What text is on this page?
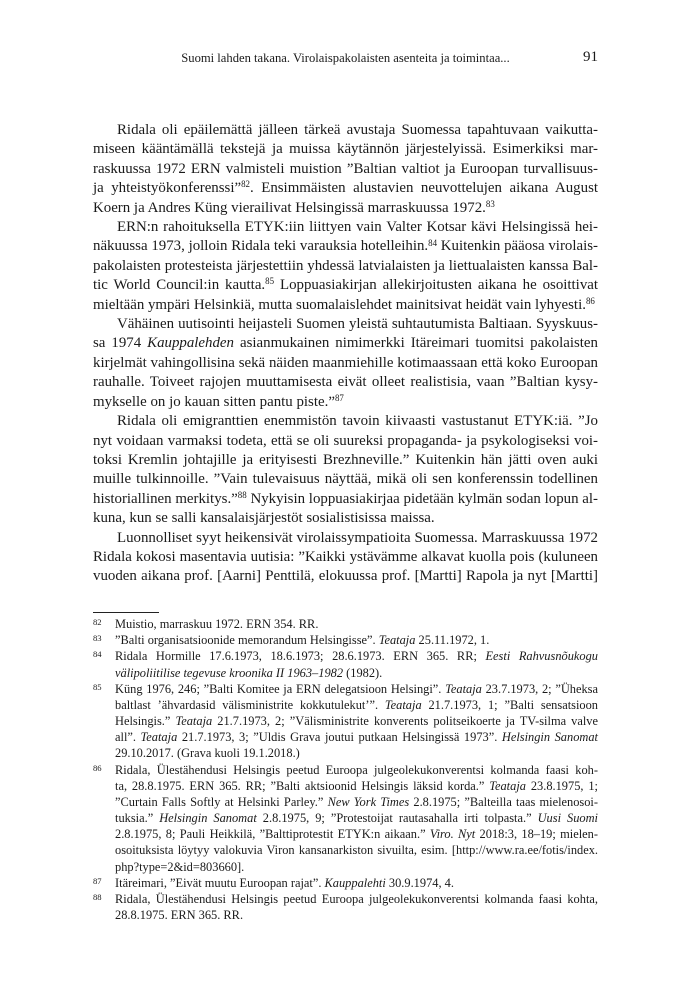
Suomi lahden takana. Virolaispakolaisten asenteita ja toimintaa...	91
Ridala oli epäilemättä jälleen tärkeä avustaja Suomessa tapahtuvaan vaikutta-
miseen kääntämällä tekstejä ja muissa käytännön järjestelyissä. Esimerkiksi mar-
raskuussa 1972 ERN valmisteli muistion ”Baltian valtiot ja Euroopan turvallisuus-
ja yhteistyökonferenssi”$^{82}$. Ensimmäisten alustavien neuvottelujen aikana August
Koern ja Andres Küng vierailivat Helsingissä marraskuussa 1972.83
ERN:n rahoituksella ETYK:iin liittyen vain Valter Kotsar kävi Helsingissä hei-
näkuussa 1973, jolloin Ridala teki varauksia hotelleihin.$^{84}$ Kuitenkin pääosa virolais-
pakolaisten protesteista järjestettiin yhdessä latvialaisten ja liettualaisten kanssa Bal-
tic World Council:in kautta.$^{85}$ Loppuasiakirjan allekirjoitusten aikana he osoittivat
mieltään ympäri Helsinkiä, mutta suomalaislehdet mainitsivat heidät vain lyhyesti.$^{86}$
Vähäinen uutisointi heijasteli Suomen yleistä suhtautumista Baltiaan. Syyskuus-
sa 1974 Kauppalehden asianmukainen nimimerkki Itäreimari tuomitsi pakolaisten
kirjelmät vahingollisina sekä näiden maanmiehille kotimaassaan että koko Euroopan
rauhalle. Toiveet rajojen muuttamisesta eivät olleet realistisia, vaan ”Baltian kysy-
mykselle on jo kauan sitten pantu piste.”$^{87}$
Ridala oli emigranttien enemmistön tavoin kiivaasti vastustanut ETYK:iä. ”Jo
nyt voidaan varmaksi todeta, että se oli suureksi propaganda- ja psykologiseksi voi-
toksi Kremlin johtajille ja erityisesti Brezhneville.” Kuitenkin hän jätti oven auki
muille tulkinnoille. ”Vain tulevaisuus näyttää, mikä oli sen konferenssin todellinen
historiallinen merkitys.”$^{88}$ Nykyisin loppuasiakirjaa pidetään kylmän sodan lopun al-
kuna, kun se salli kansalaisjärjestöt sosialistisissa maissa.
Luonnolliset syyt heikensivät virolaissympatioita Suomessa. Marraskuussa 1972
Ridala kokosi masentavia uutisia: ”Kaikki ystävämme alkavat kuolla pois (kuluneen
vuoden aikana prof. [Aarni] Penttilä, elokuussa prof. [Martti] Rapola ja nyt [Martti]
82 Muistio, marraskuu 1972. ERN 354. RR.
83 ”Balti organisatsioonide memorandum Helsingisse”. Teataja 25.11.1972, 1.
84 Ridala Hormille 17.6.1973, 18.6.1973; 28.6.1973. ERN 365. RR; Eesti Rahvusnõukogu
välipoliitilise tegevuse kroonika II 1963–1982 (1982).
85 Küng 1976, 246; ”Balti Komitee ja ERN delegatsioon Helsingi”. Teataja 23.7.1973, 2; ”Üheksa
baltlast ’ähvardasid välisministrite kokkutulekut’”. Teataja 21.7.1973, 1; ”Balti sensatsioon
Helsingis.” Teataja 21.7.1973, 2; ”Välisministrite konverents politseikoerte ja TV-silma valve
all”. Teataja 21.7.1973, 3; ”Uldis Grava joutui putkaan Helsingissä 1973”. Helsingin Sanomat
29.10.2017. (Grava kuoli 19.1.2018.)
86 Ridala, Ülestähendusi Helsingis peetud Euroopa julgeolekukonverentsi kolmanda faasi koh-
ta, 28.8.1975. ERN 365. RR; ”Balti aktsioonid Helsingis läksid korda.” Teataja 23.8.1975, 1;
”Curtain Falls Softly at Helsinki Parley.” New York Times 2.8.1975; ”Balteilla taas mielenosoi-
tuksia.” Helsingin Sanomat 2.8.1975, 9; ”Protestoijat rautasahalla irti tolpasta.” Uusi Suomi
2.8.1975, 8; Pauli Heikkilä, ”Balttiprotestit ETYK:n aikaan.” Viro. Nyt 2018:3, 18–19; mielen-
osoituksista löytyy valokuvia Viron kansanarkiston sivuilta, esim. [http://www.ra.ee/fotis/index.
php?type=2&id=803660].
87 Itäreimari, ”Eivät muutu Euroopan rajat”. Kauppalehti 30.9.1974, 4.
88 Ridala, Ülestähendusi Helsingis peetud Euroopa julgeolekukonverentsi kolmanda faasi kohta,
28.8.1975. ERN 365. RR.
